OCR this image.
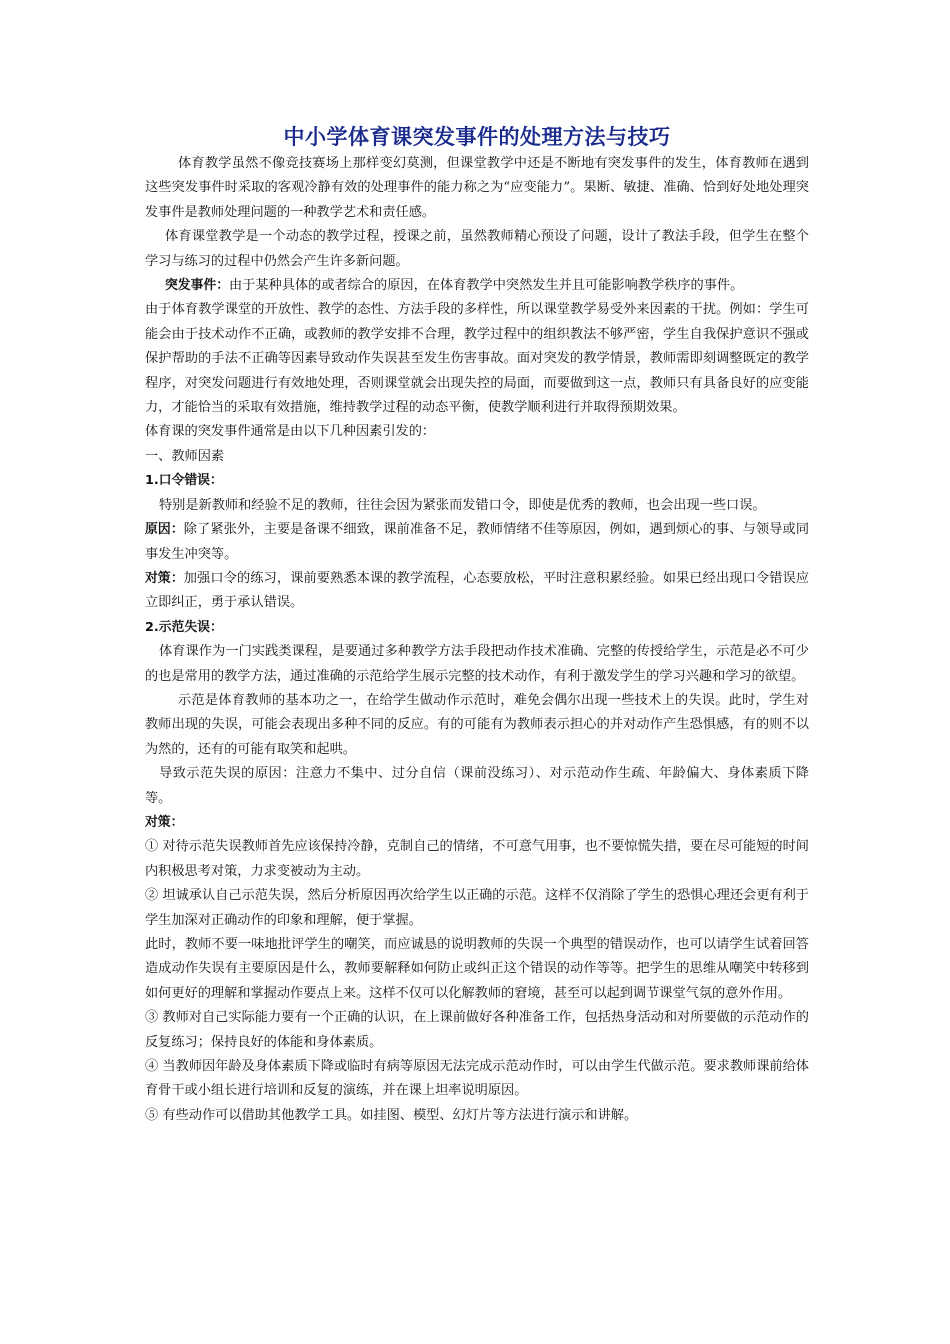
中小学体育课突发事件的处理方法与技巧

体育教学虽然不像竞技赛场上那样变幻莫测，但课堂教学中还是不断地有突发事件的发生，体育教师在遇到这些突发事件时采取的客观冷静有效的处理事件的能力称之为“应变能力”。果断、敏捷、准确、恰到好处地处理突发事件是教师处理问题的一种教学艺术和责任感。

体育课堂教学是一个动态的教学过程，授课之前，虽然教师精心预设了问题，设计了教法手段，但学生在整个学习与练习的过程中仍然会产生许多新问题。

突发事件：由于某种具体的或者综合的原因，在体育教学中突然发生并且可能影响教学秩序的事件。

由于体育教学课堂的开放性、教学的态性、方法手段的多样性，所以课堂教学易受外来因素的干扰。例如：学生可能会由于技术动作不正确，或教师的教学安排不合理，教学过程中的组织教法不够严密，学生自我保护意识不强或保护帮助的手法不正确等因素导致动作失误甚至发生伤害事故。面对突发的教学情景，教师需即刻调整既定的教学程序，对突发问题进行有效地处理，否则课堂就会出现失控的局面，而要做到这一点，教师只有具备良好的应变能力，才能恰当的采取有效措施，维持教学过程的动态平衡，使教学顺利进行并取得预期效果。

体育课的突发事件通常是由以下几种因素引发的：

一、教师因素

1.口令错误：

特别是新教师和经验不足的教师，往往会因为紧张而发错口令，即使是优秀的教师，也会出现一些口误。

原因：除了紧张外，主要是备课不细致，课前准备不足，教师情绪不佳等原因，例如，遇到烦心的事、与领导或同事发生冲突等。

对策：加强口令的练习，课前要熟悉本课的教学流程，心态要放松，平时注意积累经验。如果已经出现口令错误应立即纠正，勇于承认错误。

2.示范失误：

体育课作为一门实践类课程，是要通过多种教学方法手段把动作技术准确、完整的传授给学生，示范是必不可少的也是常用的教学方法，通过准确的示范给学生展示完整的技术动作，有利于激发学生的学习兴趣和学习的欲望。

示范是体育教师的基本功之一，在给学生做动作示范时，难免会偶尔出现一些技术上的失误。此时，学生对教师出现的失误，可能会表现出多种不同的反应。有的可能有为教师表示担心的并对动作产生恐惧感，有的则不以为然的，还有的可能有取笑和起哄。

导致示范失误的原因：注意力不集中、过分自信（课前没练习）、对示范动作生疏、年龄偏大、身体素质下降等。

对策：

① 对待示范失误教师首先应该保持冷静，克制自己的情绪，不可意气用事，也不要惊慌失措，要在尽可能短的时间内积极思考对策，力求变被动为主动。

② 坦诚承认自己示范失误，然后分析原因再次给学生以正确的示范。这样不仅消除了学生的恐惧心理还会更有利于学生加深对正确动作的印象和理解，便于掌握。

此时，教师不要一味地批评学生的嘲笑，而应诚恳的说明教师的失误一个典型的错误动作，也可以请学生试着回答造成动作失误有主要原因是什么，教师要解释如何防止或纠正这个错误的动作等等。把学生的思维从嘲笑中转移到如何更好的理解和掌握动作要点上来。这样不仅可以化解教师的窘境，甚至可以起到调节课堂气氛的意外作用。

③ 教师对自己实际能力要有一个正确的认识，在上课前做好各种准备工作，包括热身活动和对所要做的示范动作的反复练习；保持良好的体能和身体素质。

④ 当教师因年龄及身体素质下降或临时有病等原因无法完成示范动作时，可以由学生代做示范。要求教师课前给体育骨干或小组长进行培训和反复的演练，并在课上坦率说明原因。

⑤ 有些动作可以借助其他教学工具。如挂图、模型、幻灯片等方法进行演示和讲解。
